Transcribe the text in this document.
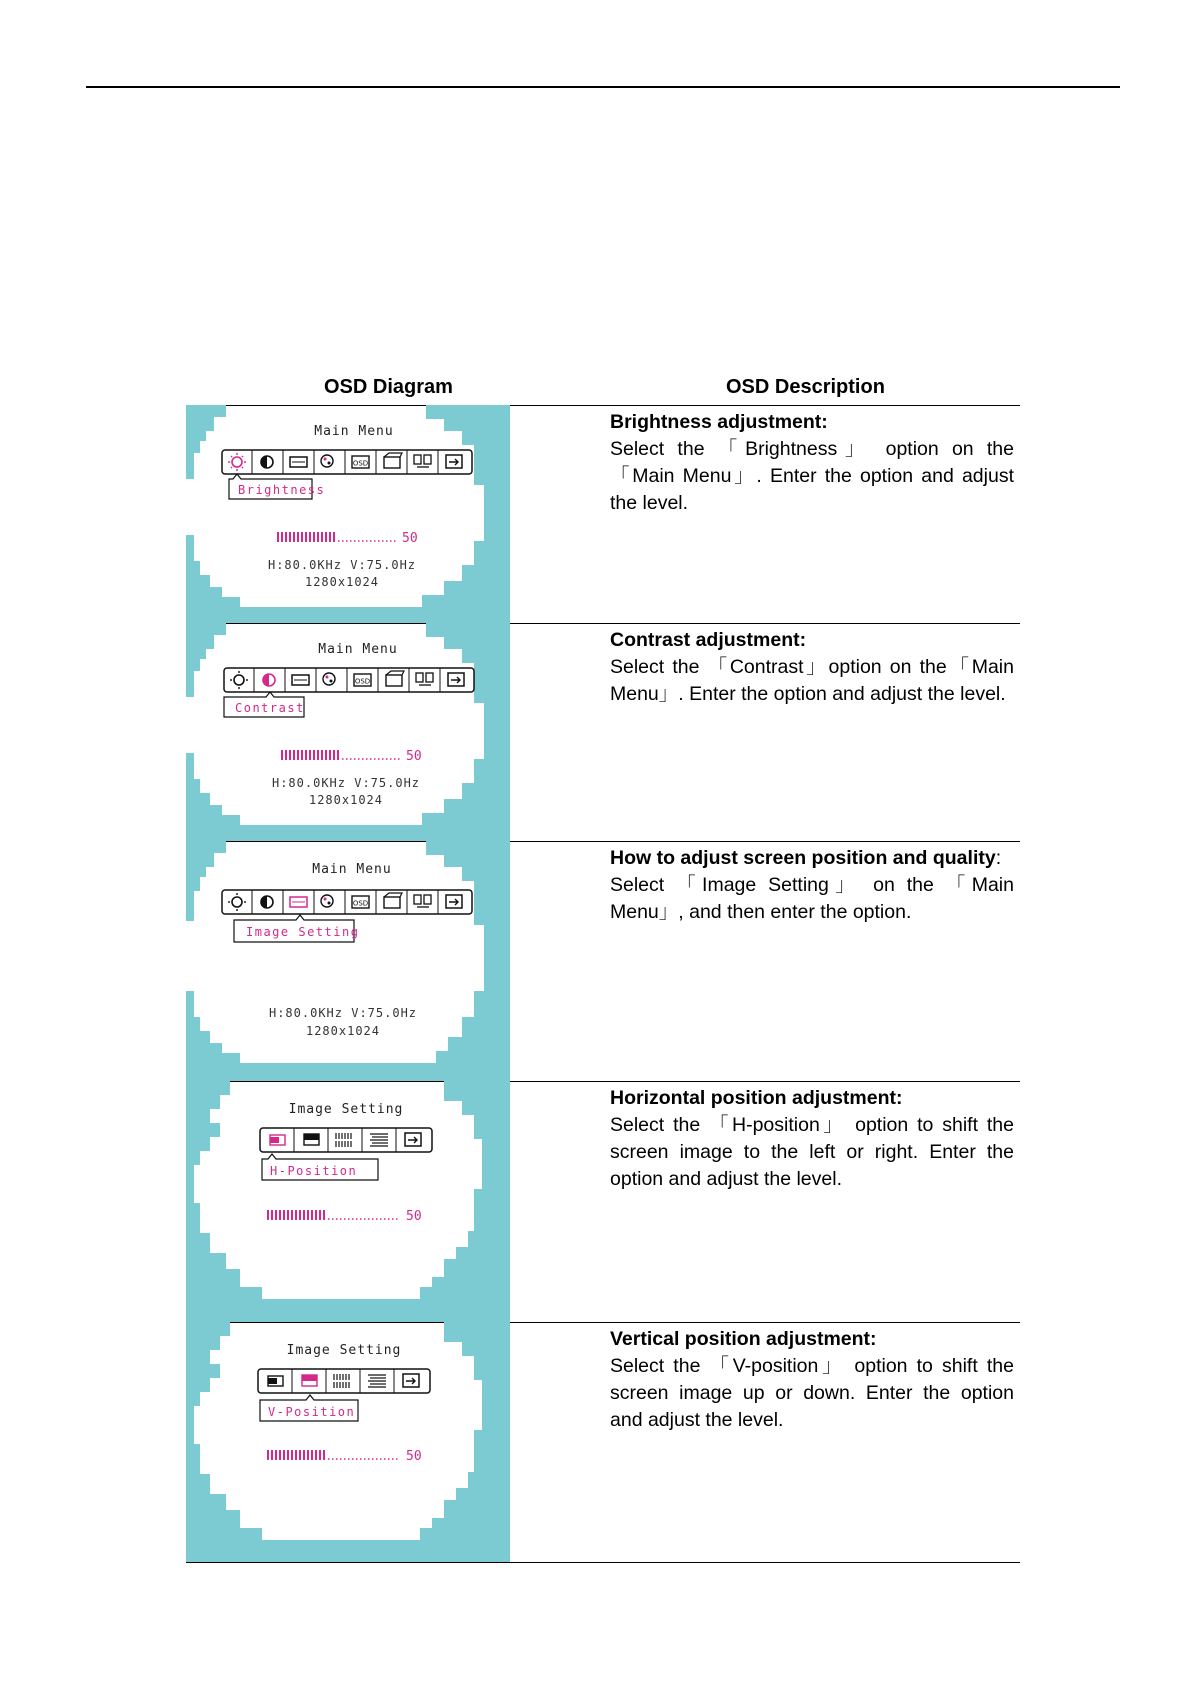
OSD Diagram	OSD Description
Main Menu
OSD
Brightness
50
H:80.0KHz V:75.0Hz
1280x1024
Brightness adjustment:
Select the 「Brightness」 option on the 「Main Menu」. Enter the option and adjust the level.
Main Menu
OSD
Contrast
50
H:80.0KHz V:75.0Hz
1280x1024
Contrast adjustment:
Select the 「Contrast」option on the「Main Menu」. Enter the option and adjust the level.
Main Menu
OSD
Image Setting
H:80.0KHz V:75.0Hz
1280x1024
How to adjust screen position and quality:
Select 「Image Setting」 on the 「Main Menu」, and then enter the option.
Image Setting
H-Position
50
Horizontal position adjustment:
Select the 「H-position」 option to shift the screen image to the left or right. Enter the option and adjust the level.
Image Setting
V-Position
50
Vertical position adjustment:
Select the 「V-position」 option to shift the screen image up or down. Enter the option and adjust the level.
